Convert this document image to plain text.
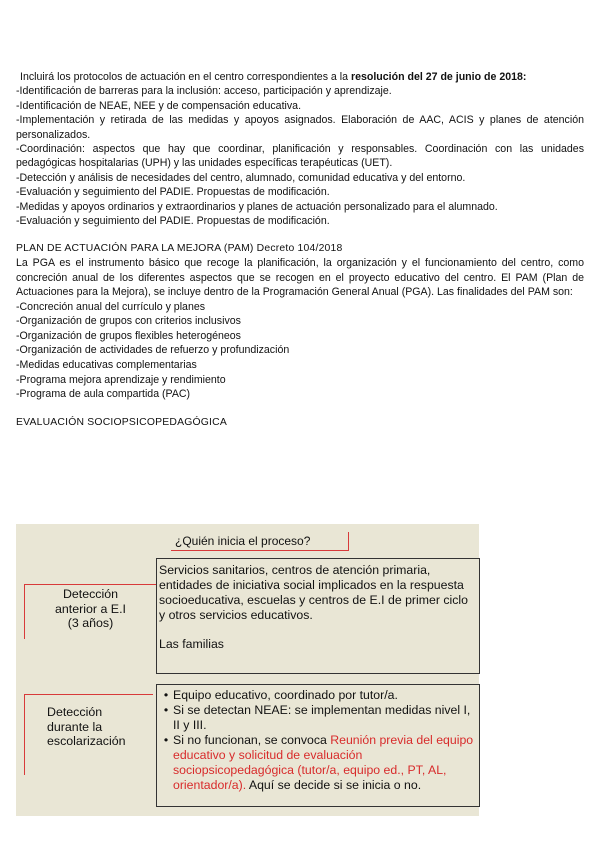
Incluirá los protocolos de actuación en el centro correspondientes a la resolución del 27 de junio de 2018:

-Identificación de barreras para la inclusión: acceso, participación y aprendizaje.

-Identificación de NEAE, NEE y de compensación educativa.

-Implementación y retirada de las medidas y apoyos asignados. Elaboración de AAC, ACIS y planes de atención personalizados.

-Coordinación: aspectos que hay que coordinar, planificación y responsables. Coordinación con las unidades pedagógicas hospitalarias (UPH) y las unidades específicas terapéuticas (UET).

-Detección y análisis de necesidades del centro, alumnado, comunidad educativa y del entorno.

-Evaluación y seguimiento del PADIE. Propuestas de modificación.

-Medidas y apoyos ordinarios y extraordinarios y planes de actuación personalizado para el alumnado.

-Evaluación y seguimiento del PADIE. Propuestas de modificación.

PLAN DE ACTUACIÓN PARA LA MEJORA (PAM) Decreto 104/2018

La PGA es el instrumento básico que recoge la planificación, la organización y el funcionamiento del centro, como concreción anual de los diferentes aspectos que se recogen en el proyecto educativo del centro. El PAM (Plan de Actuaciones para la Mejora), se incluye dentro de la Programación General Anual (PGA). Las finalidades del PAM son:

-Concreción anual del currículo y planes

-Organización de grupos con criterios inclusivos

-Organización de grupos flexibles heterogéneos

-Organización de actividades de refuerzo y profundización

-Medidas educativas complementarias

-Programa mejora aprendizaje y rendimiento

-Programa de aula compartida (PAC)

EVALUACIÓN SOCIOPSICOPEDAGÓGICA

¿Quién inicia el proceso?
Detección
anterior a E.I
(3 años)

Servicios sanitarios, centros de atención primaria, entidades de iniciativa social implicados en la respuesta socioeducativa, escuelas y centros de E.I de primer ciclo y otros servicios educativos.

Las familias

Detección
durante la
escolarización
• Equipo educativo, coordinado por tutor/a.
• Si se detectan NEAE: se implementan medidas nivel I, II y III.
• Si no funcionan, se convoca Reunión previa del equipo educativo y solicitud de evaluación sociopsicopedagógica (tutor/a, equipo ed., PT, AL, orientador/a). Aquí se decide si se inicia o no.
